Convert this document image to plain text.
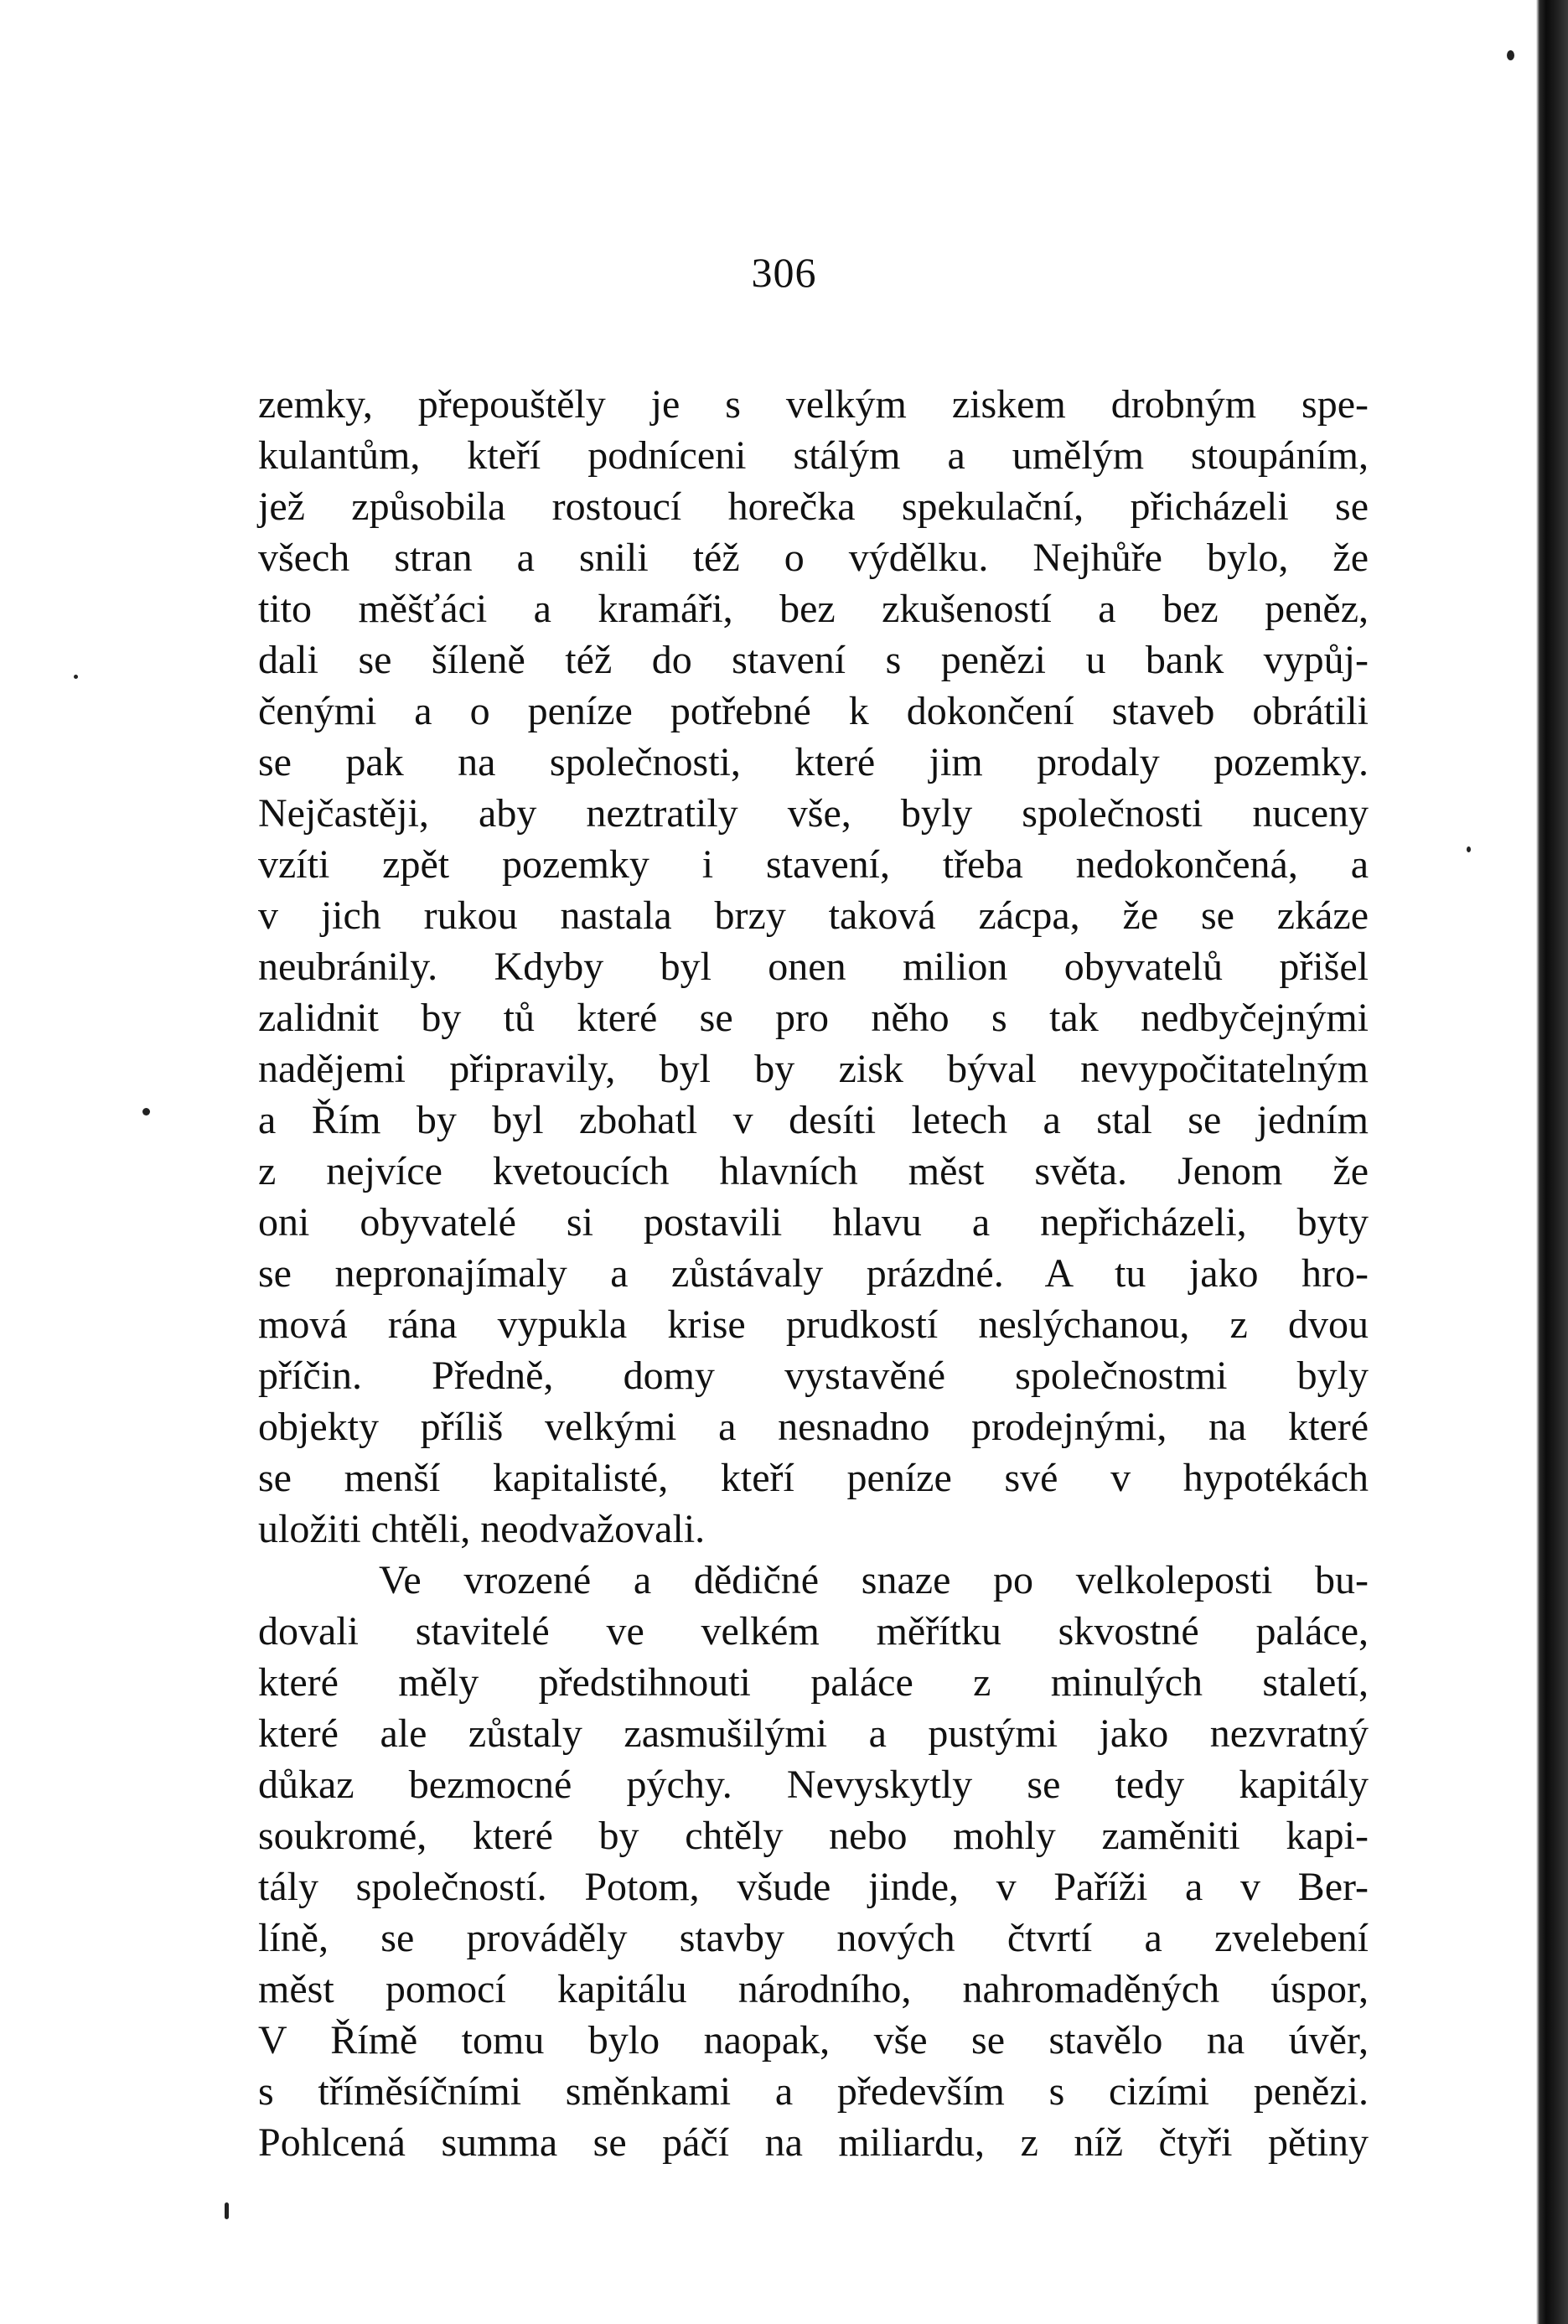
306
zemky, přepouštěly je s velkým ziskem drobným spe-
kulantům, kteří podníceni stálým a umělým stoupáním,
jež způsobila rostoucí horečka spekulační, přicházeli se
všech stran a snili též o výdělku. Nejhůře bylo, že
tito měšťáci a kramáři, bez zkušeností a bez peněz,
dali se šíleně též do stavení s penězi u bank vypůj-
čenými a o peníze potřebné k dokončení staveb obrátili
se pak na společnosti, které jim prodaly pozemky.
Nejčastěji, aby neztratily vše, byly společnosti nuceny
vzíti zpět pozemky i stavení, třeba nedokončená, a
v jich rukou nastala brzy taková zácpa, že se zkáze
neubránily. Kdyby byl onen milion obyvatelů přišel
zalidnit by tů které se pro něho s tak nedbyčejnými
nadějemi připravily, byl by zisk býval nevypočitatelným
a Řím by byl zbohatl v desíti letech a stal se jedním
z nejvíce kvetoucích hlavních měst světa. Jenom že
oni obyvatelé si postavili hlavu a nepřicházeli, byty
se nepronajímaly a zůstávaly prázdné. A tu jako hro-
mová rána vypukla krise prudkostí neslýchanou, z dvou
příčin. Předně, domy vystavěné společnostmi byly
objekty příliš velkými a nesnadno prodejnými, na které
se menší kapitalisté, kteří peníze své v hypotékách
uložiti chtěli, neodvažovali.
Ve vrozené a dědičné snaze po velkoleposti bu-
dovali stavitelé ve velkém měřítku skvostné paláce,
které měly předstihnouti paláce z minulých staletí,
které ale zůstaly zasmušilými a pustými jako nezvratný
důkaz bezmocné pýchy. Nevyskytly se tedy kapitály
soukromé, které by chtěly nebo mohly zaměniti kapi-
tály společností. Potom, všude jinde, v Paříži a v Ber-
líně, se prováděly stavby nových čtvrtí a zvelebení
měst pomocí kapitálu národního, nahromaděných úspor,
V Římě tomu bylo naopak, vše se stavělo na úvěr,
s tříměsíčními směnkami a především s cizími penězi.
Pohlcená summa se páčí na miliardu, z níž čtyři pětiny
